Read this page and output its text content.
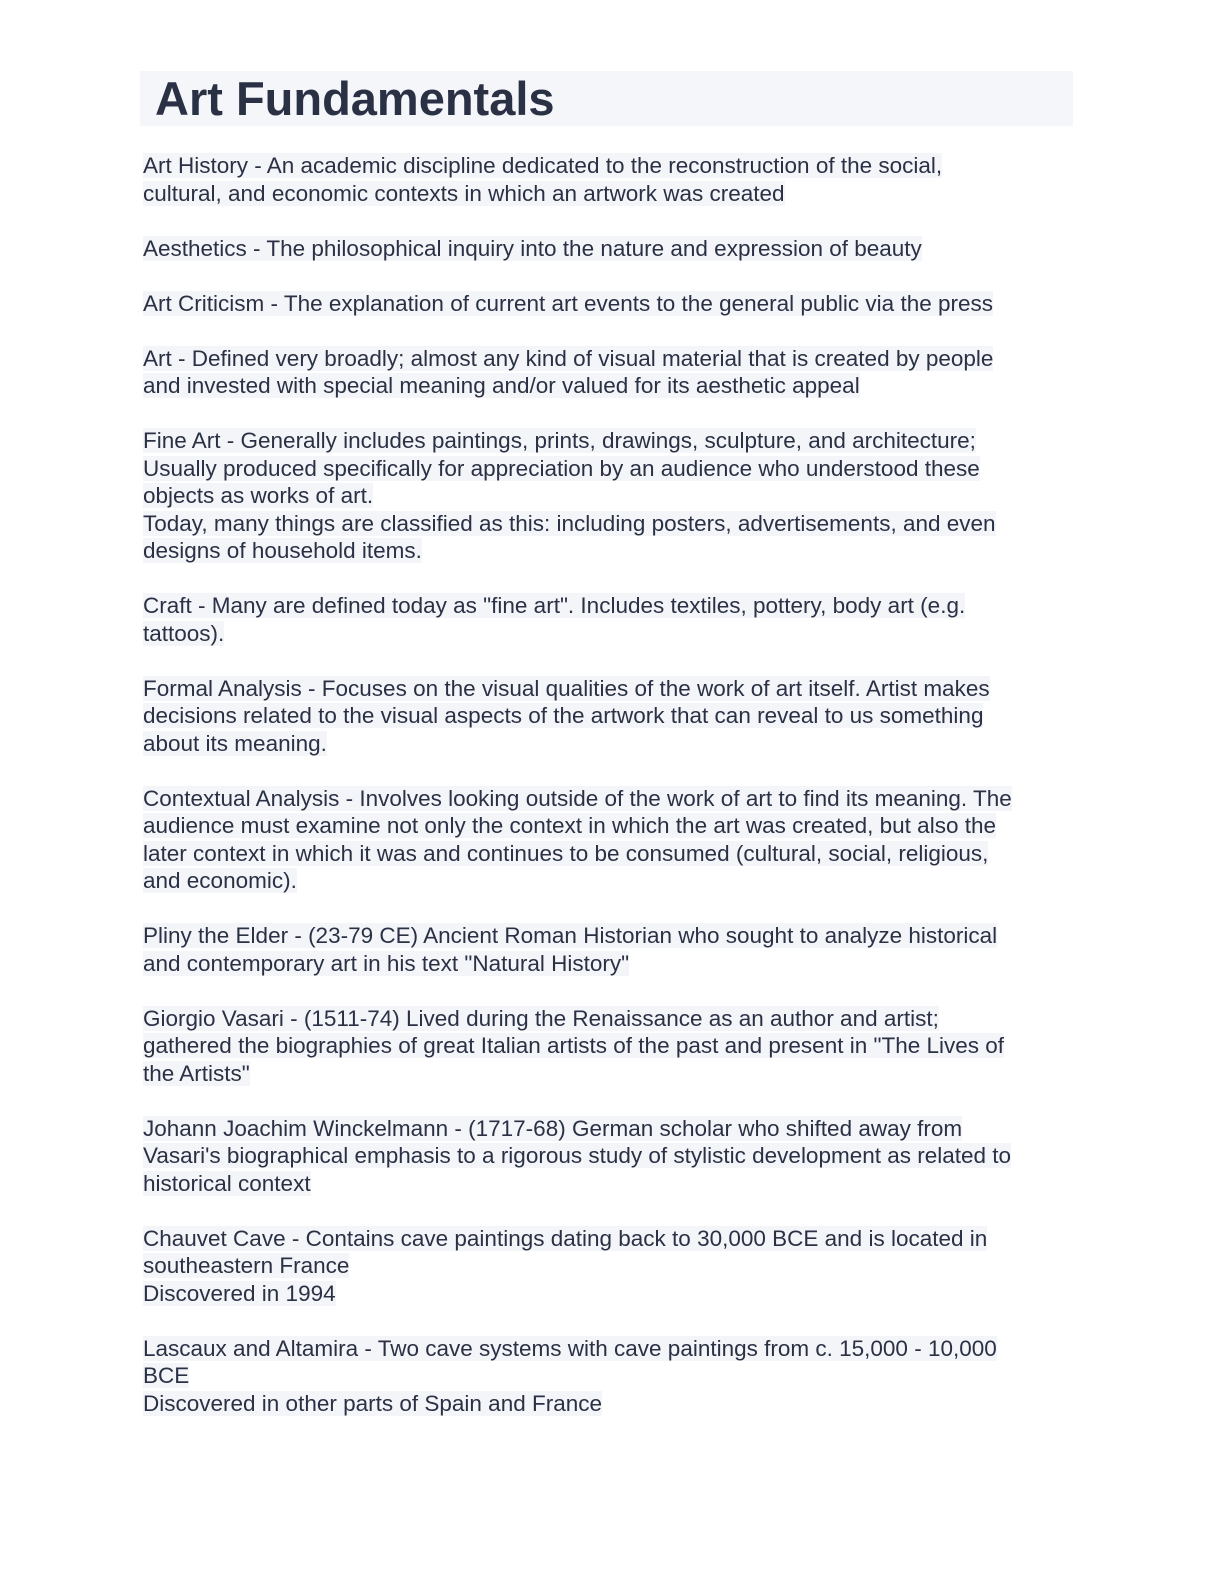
Art Fundamentals
Art History - An academic discipline dedicated to the reconstruction of the social,
cultural, and economic contexts in which an artwork was created
Aesthetics - The philosophical inquiry into the nature and expression of beauty
Art Criticism - The explanation of current art events to the general public via the press
Art - Defined very broadly; almost any kind of visual material that is created by people
and invested with special meaning and/or valued for its aesthetic appeal
Fine Art - Generally includes paintings, prints, drawings, sculpture, and architecture;
Usually produced specifically for appreciation by an audience who understood these
objects as works of art.
Today, many things are classified as this: including posters, advertisements, and even
designs of household items.
Craft - Many are defined today as "fine art". Includes textiles, pottery, body art (e.g.
tattoos).
Formal Analysis - Focuses on the visual qualities of the work of art itself. Artist makes
decisions related to the visual aspects of the artwork that can reveal to us something
about its meaning.
Contextual Analysis - Involves looking outside of the work of art to find its meaning. The
audience must examine not only the context in which the art was created, but also the
later context in which it was and continues to be consumed (cultural, social, religious,
and economic).
Pliny the Elder - (23-79 CE) Ancient Roman Historian who sought to analyze historical
and contemporary art in his text "Natural History"
Giorgio Vasari - (1511-74) Lived during the Renaissance as an author and artist;
gathered the biographies of great Italian artists of the past and present in "The Lives of
the Artists"
Johann Joachim Winckelmann - (1717-68) German scholar who shifted away from
Vasari's biographical emphasis to a rigorous study of stylistic development as related to
historical context
Chauvet Cave - Contains cave paintings dating back to 30,000 BCE and is located in
southeastern France
Discovered in 1994
Lascaux and Altamira - Two cave systems with cave paintings from c. 15,000 - 10,000
BCE
Discovered in other parts of Spain and France
